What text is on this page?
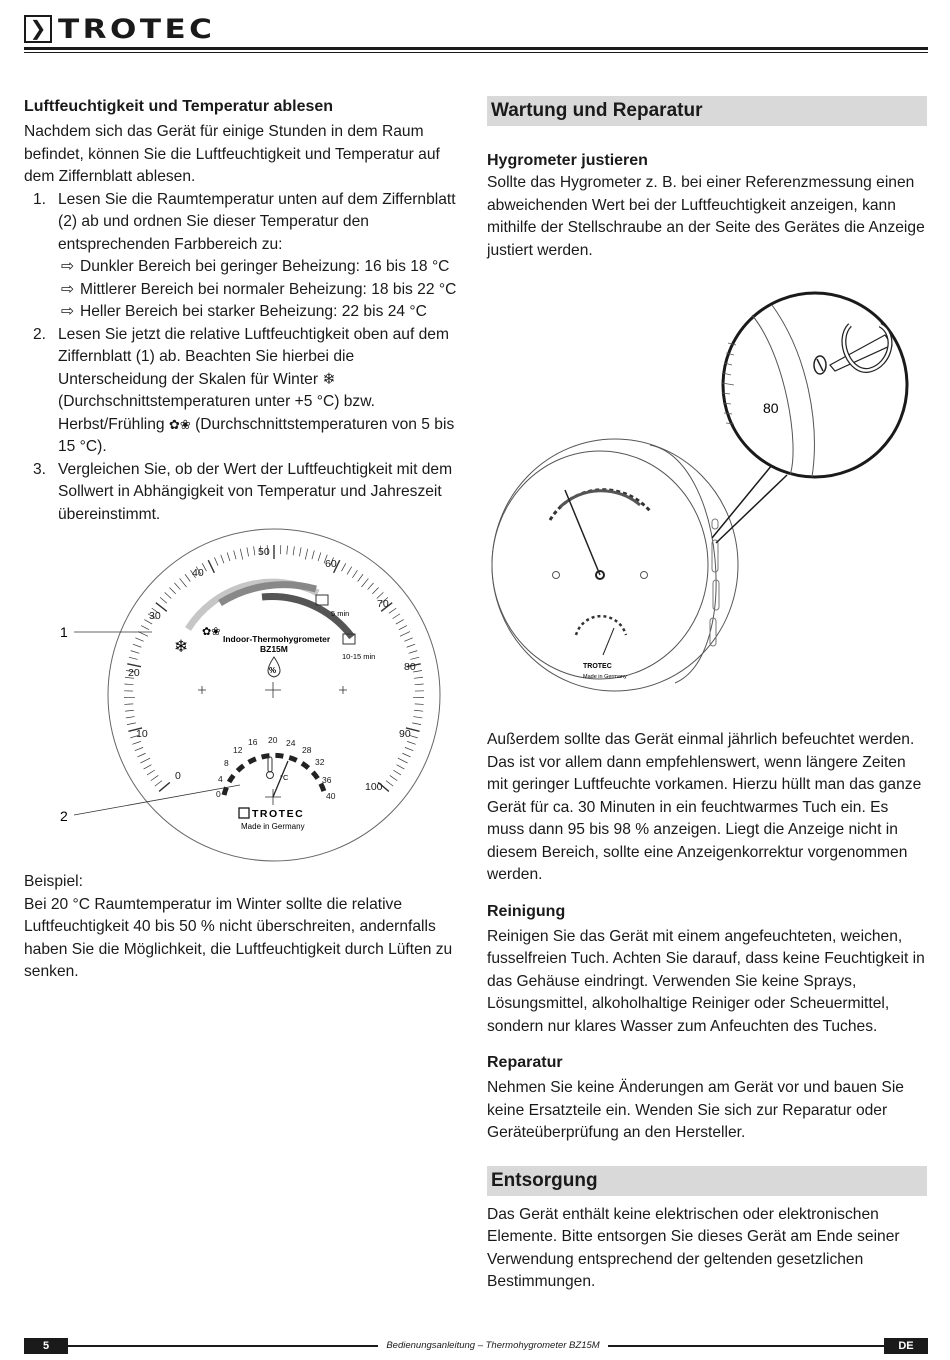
❯ TROTEC
Luftfeuchtigkeit und Temperatur ablesen

Nachdem sich das Gerät für einige Stunden in dem Raum befindet, können Sie die Luftfeuchtigkeit und Temperatur auf dem Ziffernblatt ablesen.

1. Lesen Sie die Raumtemperatur unten auf dem Ziffernblatt (2) ab und ordnen Sie dieser Temperatur den entsprechenden Farbbereich zu:
⇨ Dunkler Bereich bei geringer Beheizung: 16 bis 18 °C
⇨ Mittlerer Bereich bei normaler Beheizung: 18 bis 22 °C
⇨ Heller Bereich bei starker Beheizung: 22 bis 24 °C
2. Lesen Sie jetzt die relative Luftfeuchtigkeit oben auf dem Ziffernblatt (1) ab. Beachten Sie hierbei die Unterscheidung der Skalen für Winter ❄ (Durchschnittstemperaturen unter +5 °C) bzw. Herbst/Frühling ✿❀ (Durchschnittstemperaturen von 5 bis 15 °C).
3. Vergleichen Sie, ob der Wert der Luftfeuchtigkeit mit dem Sollwert in Abhängigkeit von Temperatur und Jahreszeit übereinstimmt.
0
10
20
30
40
50
60
70
80
90
100
❄
✿❀
5 min
10-15 min
Indoor-Thermohygrometer
BZ15M
%
0
4
8
12
16 20 24
28
32
36
40
°C
TROTEC
Made in Germany
1
2

Beispiel:

Bei 20 °C Raumtemperatur im Winter sollte die relative Luftfeuchtigkeit 40 bis 50 % nicht überschreiten, andernfalls haben Sie die Möglichkeit, die Luftfeuchtigkeit durch Lüften zu senken.

Wartung und Reparatur
Hygrometer justieren

Sollte das Hygrometer z. B. bei einer Referenzmessung einen abweichenden Wert bei der Luftfeuchtigkeit anzeigen, kann mithilfe der Stellschraube an der Seite des Gerätes die Anzeige justiert werden.

TROTEC
Made in Germany
80

Außerdem sollte das Gerät einmal jährlich befeuchtet werden. Das ist vor allem dann empfehlenswert, wenn längere Zeiten mit geringer Luftfeuchte vorkamen. Hierzu hüllt man das ganze Gerät für ca. 30 Minuten in ein feuchtwarmes Tuch ein. Es muss dann 95 bis 98 % anzeigen. Liegt die Anzeige nicht in diesem Bereich, sollte eine Anzeigenkorrektur vorgenommen werden.

Reinigung

Reinigen Sie das Gerät mit einem angefeuchteten, weichen, fusselfreien Tuch. Achten Sie darauf, dass keine Feuchtigkeit in das Gehäuse eindringt. Verwenden Sie keine Sprays, Lösungsmittel, alkoholhaltige Reiniger oder Scheuermittel, sondern nur klares Wasser zum Anfeuchten des Tuches.

Reparatur

Nehmen Sie keine Änderungen am Gerät vor und bauen Sie keine Ersatzteile ein. Wenden Sie sich zur Reparatur oder Geräteüberprüfung an den Hersteller.

Entsorgung

Das Gerät enthält keine elektrischen oder elektronischen Elemente. Bitte entsorgen Sie dieses Gerät am Ende seiner Verwendung entsprechend der geltenden gesetzlichen Bestimmungen.

5	Bedienungsanleitung – Thermohygrometer BZ15M	DE
